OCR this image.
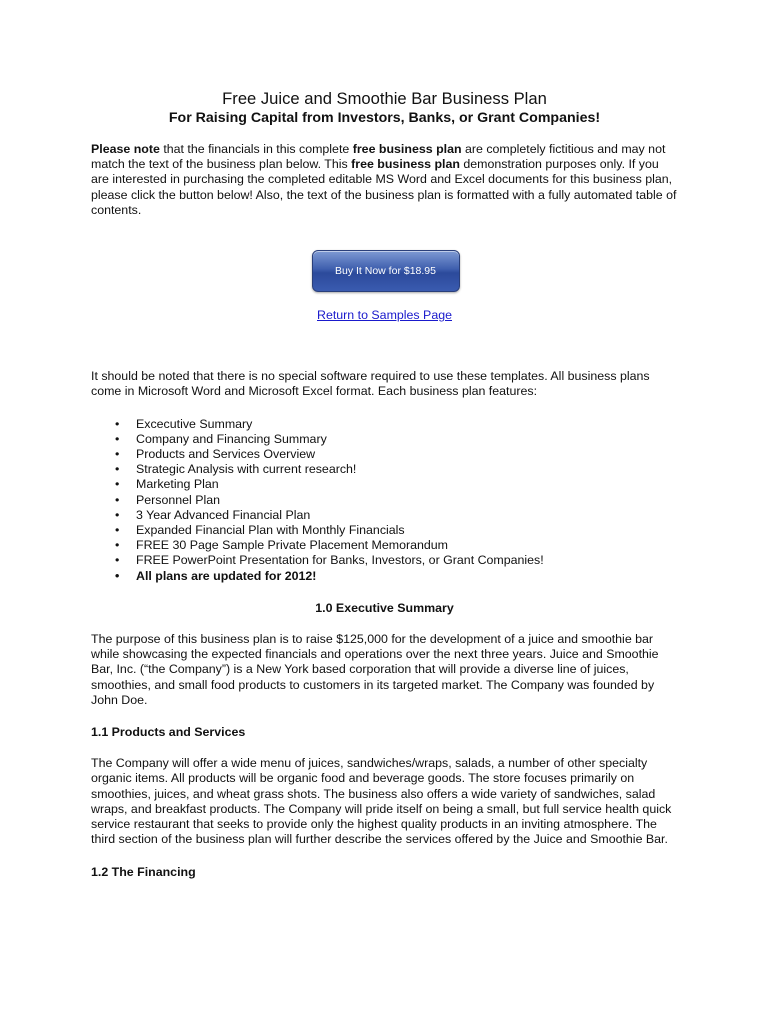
Free Juice and Smoothie Bar Business Plan
For Raising Capital from Investors, Banks, or Grant Companies!

Please note that the financials in this complete free business plan are completely fictitious and may not match the text of the business plan below. This free business plan demonstration purposes only. If you are interested in purchasing the completed editable MS Word and Excel documents for this business plan, please click the button below! Also, the text of the business plan is formatted with a fully automated table of contents.

Buy It Now for $18.95
Return to Samples Page

It should be noted that there is no special software required to use these templates. All business plans come in Microsoft Word and Microsoft Excel format. Each business plan features:

• Excecutive Summary
• Company and Financing Summary
• Products and Services Overview
• Strategic Analysis with current research!
• Marketing Plan
• Personnel Plan
• 3 Year Advanced Financial Plan
• Expanded Financial Plan with Monthly Financials
• FREE 30 Page Sample Private Placement Memorandum
• FREE PowerPoint Presentation for Banks, Investors, or Grant Companies!
• All plans are updated for 2012!

1.0 Executive Summary

The purpose of this business plan is to raise $125,000 for the development of a juice and smoothie bar while showcasing the expected financials and operations over the next three years. Juice and Smoothie Bar, Inc. (“the Company”) is a New York based corporation that will provide a diverse line of juices, smoothies, and small food products to customers in its targeted market. The Company was founded by John Doe.

1.1 Products and Services

The Company will offer a wide menu of juices, sandwiches/wraps, salads, a number of other specialty organic items. All products will be organic food and beverage goods. The store focuses primarily on smoothies, juices, and wheat grass shots. The business also offers a wide variety of sandwiches, salad wraps, and breakfast products. The Company will pride itself on being a small, but full service health quick service restaurant that seeks to provide only the highest quality products in an inviting atmosphere. The third section of the business plan will further describe the services offered by the Juice and Smoothie Bar.

1.2 The Financing
